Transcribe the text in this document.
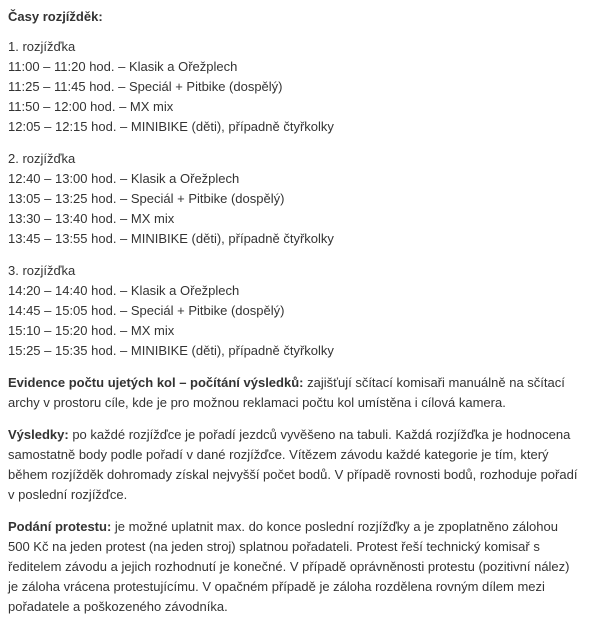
Časy rozjížděk:
1. rozjížďka
11:00 – 11:20 hod. – Klasik a Ořežplech
11:25 – 11:45 hod. – Speciál + Pitbike (dospělý)
11:50 – 12:00 hod. – MX mix
12:05 – 12:15 hod. – MINIBIKE (děti), případně čtyřkolky
2. rozjížďka
12:40 – 13:00 hod. – Klasik a Ořežplech
13:05 – 13:25 hod. – Speciál + Pitbike (dospělý)
13:30 – 13:40 hod. – MX mix
13:45 – 13:55 hod. – MINIBIKE (děti), případně čtyřkolky
3. rozjížďka
14:20 – 14:40 hod. – Klasik a Ořežplech
14:45 – 15:05 hod. – Speciál + Pitbike (dospělý)
15:10 – 15:20 hod. – MX mix
15:25 – 15:35 hod. – MINIBIKE (děti), případně čtyřkolky

Evidence počtu ujetých kol – počítání výsledků: zajišťují sčítací komisaři manuálně na sčítací archy v prostoru cíle, kde je pro možnou reklamaci počtu kol umístěna i cílová kamera.

Výsledky: po každé rozjížďce je pořadí jezdců vyvěšeno na tabuli. Každá rozjížďka je hodnocena samostatně body podle pořadí v dané rozjížďce. Vítězem závodu každé kategorie je tím, který během rozjížděk dohromady získal nejvyšší počet bodů. V případě rovnosti bodů, rozhoduje pořadí v poslední rozjížďce.

Podání protestu: je možné uplatnit max. do konce poslední rozjížďky a je zpoplatněno zálohou 500 Kč na jeden protest (na jeden stroj) splatnou pořadateli. Protest řeší technický komisař s ředitelem závodu a jejich rozhodnutí je konečné. V případě oprávněnosti protestu (pozitivní nález) je záloha vrácena protestujícímu. V opačném případě je záloha rozdělena rovným dílem mezi pořadatele a poškozeného závodníka.
